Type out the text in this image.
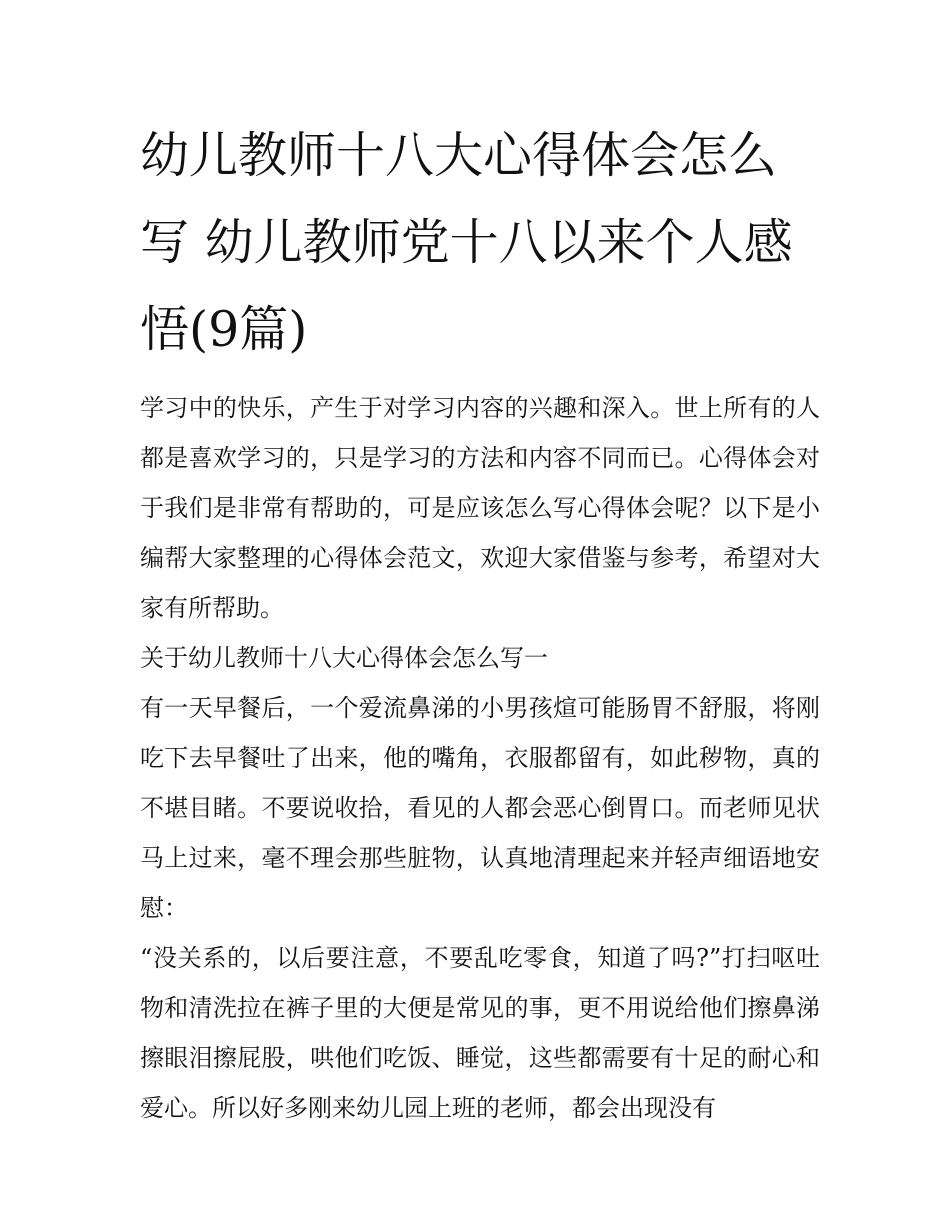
幼儿教师十八大心得体会怎么写 幼儿教师党十八以来个人感悟(9篇)

学习中的快乐，产生于对学习内容的兴趣和深入。世上所有的人都是喜欢学习的，只是学习的方法和内容不同而已。心得体会对于我们是非常有帮助的，可是应该怎么写心得体会呢？以下是小编帮大家整理的心得体会范文，欢迎大家借鉴与参考，希望对大家有所帮助。

关于幼儿教师十八大心得体会怎么写一

有一天早餐后，一个爱流鼻涕的小男孩煊可能肠胃不舒服，将刚吃下去早餐吐了出来，他的嘴角，衣服都留有，如此秽物，真的不堪目睹。不要说收拾，看见的人都会恶心倒胃口。而老师见状马上过来，毫不理会那些脏物，认真地清理起来并轻声细语地安慰：

“没关系的，以后要注意，不要乱吃零食，知道了吗?”打扫呕吐物和清洗拉在裤子里的大便是常见的事，更不用说给他们擦鼻涕擦眼泪擦屁股，哄他们吃饭、睡觉，这些都需要有十足的耐心和爱心。所以好多刚来幼儿园上班的老师，都会出现没有
